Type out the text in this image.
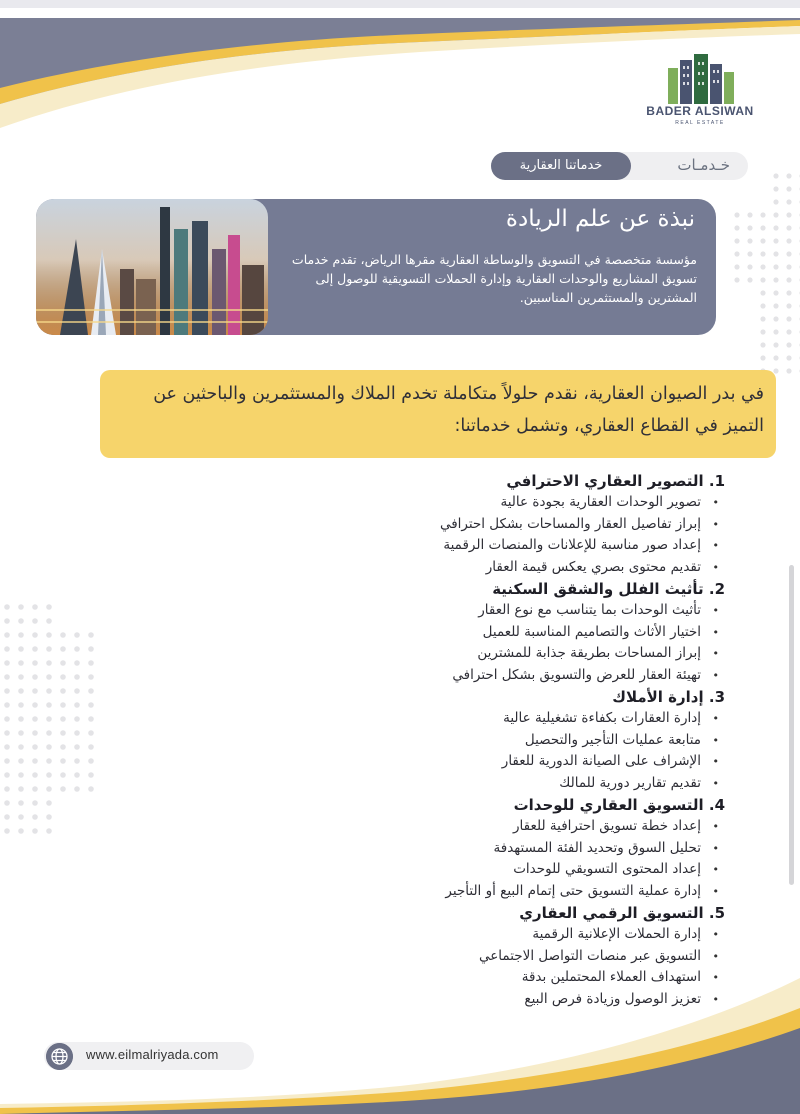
BADER ALSIWAN
REAL ESTATE
خـدمـات
خدماتنا العقارية
نبذة عن علم الريادة
مؤسسة متخصصة في التسويق والوساطة العقارية مقرها الرياض، تقدم خدمات تسويق المشاريع والوحدات العقارية وإدارة الحملات التسويقية للوصول إلى المشترين والمستثمرين المناسبين.
في بدر الصيوان العقارية، نقدم حلولاً متكاملة تخدم الملاك والمستثمرين والباحثين عن التميز في القطاع العقاري، وتشمل خدماتنا:
1. التصوير العقاري الاحترافي
• تصوير الوحدات العقارية بجودة عالية
• إبراز تفاصيل العقار والمساحات بشكل احترافي
• إعداد صور مناسبة للإعلانات والمنصات الرقمية
• تقديم محتوى بصري يعكس قيمة العقار
2. تأثيث الفلل والشقق السكنية
• تأثيث الوحدات بما يتناسب مع نوع العقار
• اختيار الأثاث والتصاميم المناسبة للعميل
• إبراز المساحات بطريقة جذابة للمشترين
• تهيئة العقار للعرض والتسويق بشكل احترافي
3. إدارة الأملاك
• إدارة العقارات بكفاءة تشغيلية عالية
• متابعة عمليات التأجير والتحصيل
• الإشراف على الصيانة الدورية للعقار
• تقديم تقارير دورية للمالك
4. التسويق العقاري للوحدات
• إعداد خطة تسويق احترافية للعقار
• تحليل السوق وتحديد الفئة المستهدفة
• إعداد المحتوى التسويقي للوحدات
• إدارة عملية التسويق حتى إتمام البيع أو التأجير
5. التسويق الرقمي العقاري
• إدارة الحملات الإعلانية الرقمية
• التسويق عبر منصات التواصل الاجتماعي
• استهداف العملاء المحتملين بدقة
• تعزيز الوصول وزيادة فرص البيع
www.eilmalriyada.com
